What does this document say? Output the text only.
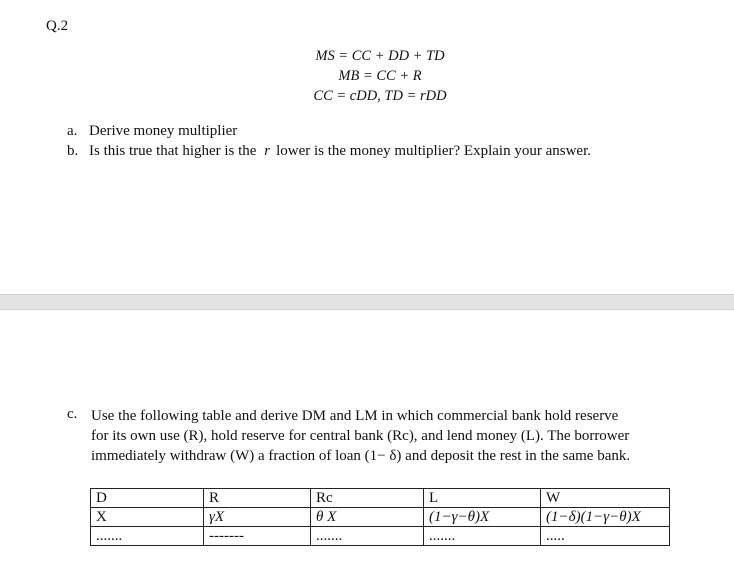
Q.2
MS = CC + DD + TD
MB = CC + R
CC = cDD, TD = rDD
a. Derive money multiplier
b. Is this true that higher is the r lower is the money multiplier? Explain your answer.
c. Use the following table and derive DM and LM in which commercial bank hold reserve
for its own use (R), hold reserve for central bank (Rc), and lend money (L). The borrower
immediately withdraw (W) a fraction of loan (1− δ) and deposit the rest in the same bank.
D	R	Rc	L	W
X	γX	θ X	(1−γ−θ)X	(1−δ)(1−γ−θ)X
.......	-------	.......	.......	.....
